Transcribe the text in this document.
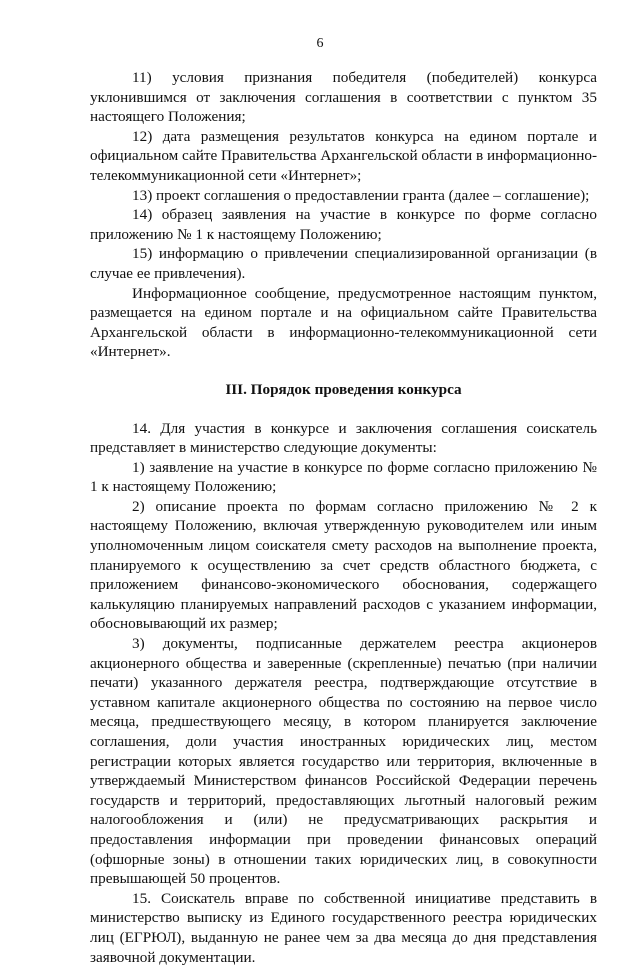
6

11) условия признания победителя (победителей) конкурса уклонившимся от заключения соглашения в соответствии с пунктом 35 настоящего Положения;

12) дата размещения результатов конкурса на едином портале и официальном сайте Правительства Архангельской области в информационно-телекоммуникационной сети «Интернет»;

13) проект соглашения о предоставлении гранта (далее – соглашение);

14) образец заявления на участие в конкурсе по форме согласно приложению № 1 к настоящему Положению;

15) информацию о привлечении специализированной организации (в случае ее привлечения).

Информационное сообщение, предусмотренное настоящим пунктом, размещается на едином портале и на официальном сайте Правительства Архангельской области в информационно-телекоммуникационной сети «Интернет».

III. Порядок проведения конкурса

14. Для участия в конкурсе и заключения соглашения соискатель представляет в министерство следующие документы:

1) заявление на участие в конкурсе по форме согласно приложению № 1 к настоящему Положению;

2) описание проекта по формам согласно приложению № 2 к настоящему Положению, включая утвержденную руководителем или иным уполномоченным лицом соискателя смету расходов на выполнение проекта, планируемого к осуществлению за счет средств областного бюджета, с приложением финансово-экономического обоснования, содержащего калькуляцию планируемых направлений расходов с указанием информации, обосновывающий их размер;

3) документы, подписанные держателем реестра акционеров акционерного общества и заверенные (скрепленные) печатью (при наличии печати) указанного держателя реестра, подтверждающие отсутствие в уставном капитале акционерного общества по состоянию на первое число месяца, предшествующего месяцу, в котором планируется заключение соглашения, доли участия иностранных юридических лиц, местом регистрации которых является государство или территория, включенные в утверждаемый Министерством финансов Российской Федерации перечень государств и территорий, предоставляющих льготный налоговый режим налогообложения и (или) не предусматривающих раскрытия и предоставления информации при проведении финансовых операций (офшорные зоны) в отношении таких юридических лиц, в совокупности превышающей 50 процентов.

15. Соискатель вправе по собственной инициативе представить в министерство выписку из Единого государственного реестра юридических лиц (ЕГРЮЛ), выданную не ранее чем за два месяца до дня представления заявочной документации.
